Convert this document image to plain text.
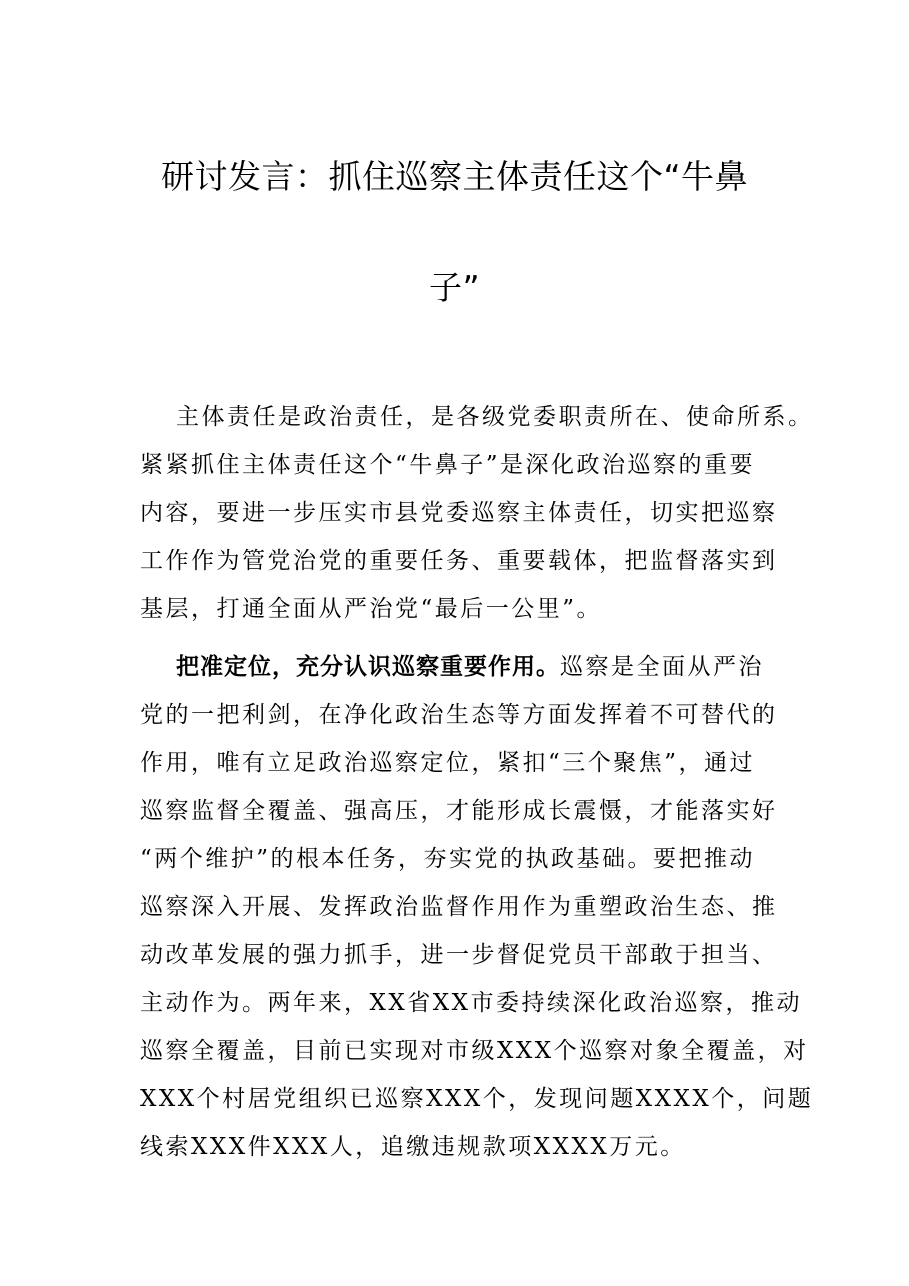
研讨发言：抓住巡察主体责任这个“牛鼻
子”
主体责任是政治责任，是各级党委职责所在、使命所系。
紧紧抓住主体责任这个“牛鼻子”是深化政治巡察的重要
内容，要进一步压实市县党委巡察主体责任，切实把巡察
工作作为管党治党的重要任务、重要载体，把监督落实到
基层，打通全面从严治党“最后一公里”。
把准定位，充分认识巡察重要作用。巡察是全面从严治
党的一把利剑，在净化政治生态等方面发挥着不可替代的
作用，唯有立足政治巡察定位，紧扣“三个聚焦”，通过
巡察监督全覆盖、强高压，才能形成长震慑，才能落实好
“两个维护”的根本任务，夯实党的执政基础。要把推动
巡察深入开展、发挥政治监督作用作为重塑政治生态、推
动改革发展的强力抓手，进一步督促党员干部敢于担当、
主动作为。两年来，XX省XX市委持续深化政治巡察，推动
巡察全覆盖，目前已实现对市级XXX个巡察对象全覆盖，对
XXX个村居党组织已巡察XXX个，发现问题XXXX个，问题
线索XXX件XXX人，追缴违规款项XXXX万元。
